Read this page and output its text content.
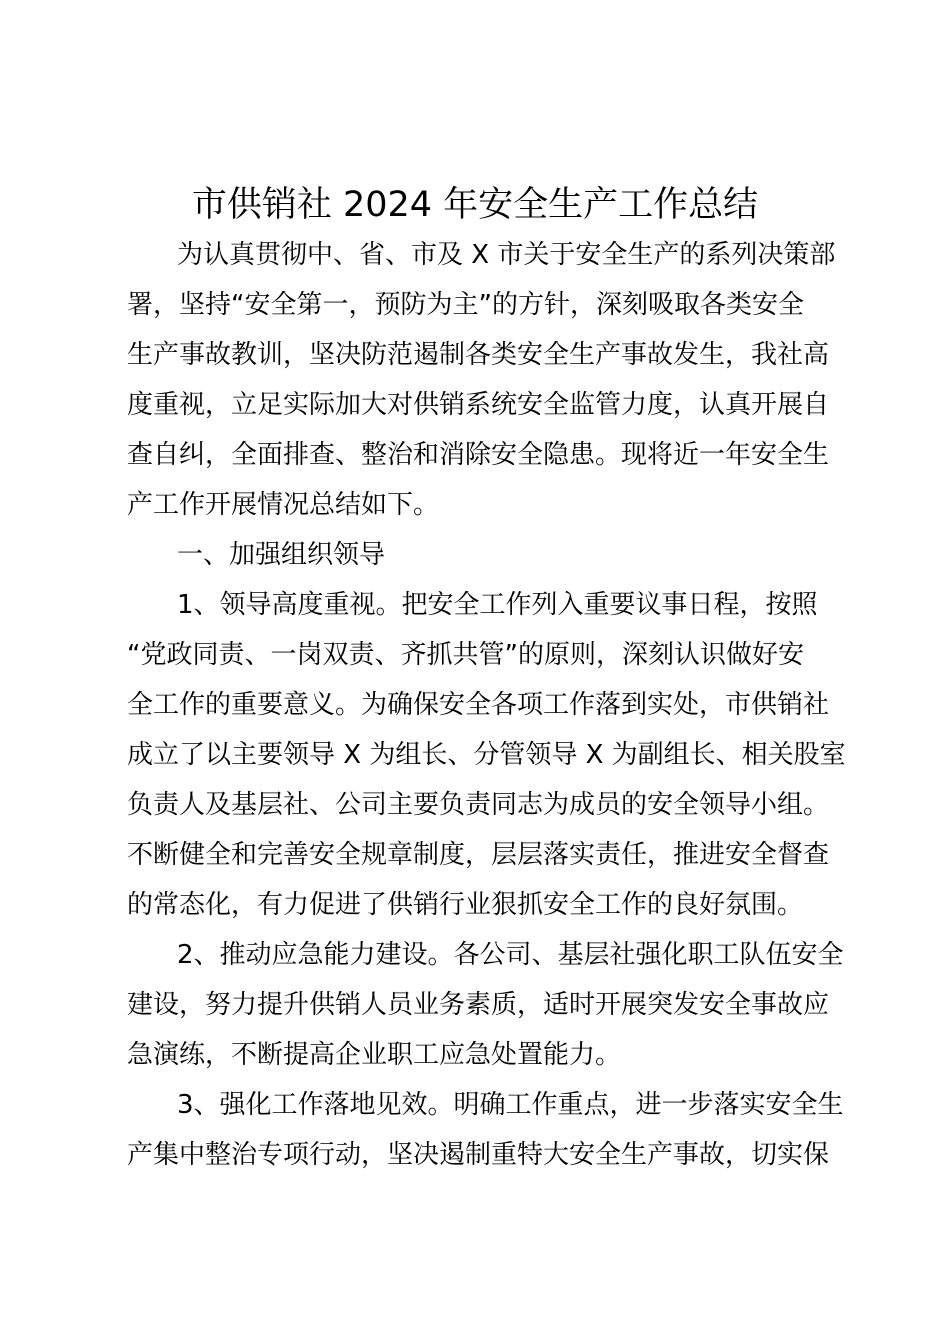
市供销社 2024 年安全生产工作总结

为认真贯彻中、省、市及 X 市关于安全生产的系列决策部

署，坚持“安全第一，预防为主”的方针，深刻吸取各类安全

生产事故教训，坚决防范遏制各类安全生产事故发生，我社高

度重视，立足实际加大对供销系统安全监管力度，认真开展自

查自纠，全面排查、整治和消除安全隐患。现将近一年安全生

产工作开展情况总结如下。

一、加强组织领导

1、领导高度重视。把安全工作列入重要议事日程，按照

“党政同责、一岗双责、齐抓共管”的原则，深刻认识做好安

全工作的重要意义。为确保安全各项工作落到实处，市供销社

成立了以主要领导 X 为组长、分管领导 X 为副组长、相关股室

负责人及基层社、公司主要负责同志为成员的安全领导小组。

不断健全和完善安全规章制度，层层落实责任，推进安全督查

的常态化，有力促进了供销行业狠抓安全工作的良好氛围。

2、推动应急能力建设。各公司、基层社强化职工队伍安全

建设，努力提升供销人员业务素质，适时开展突发安全事故应

急演练，不断提高企业职工应急处置能力。

3、强化工作落地见效。明确工作重点，进一步落实安全生

产集中整治专项行动，坚决遏制重特大安全生产事故，切实保
